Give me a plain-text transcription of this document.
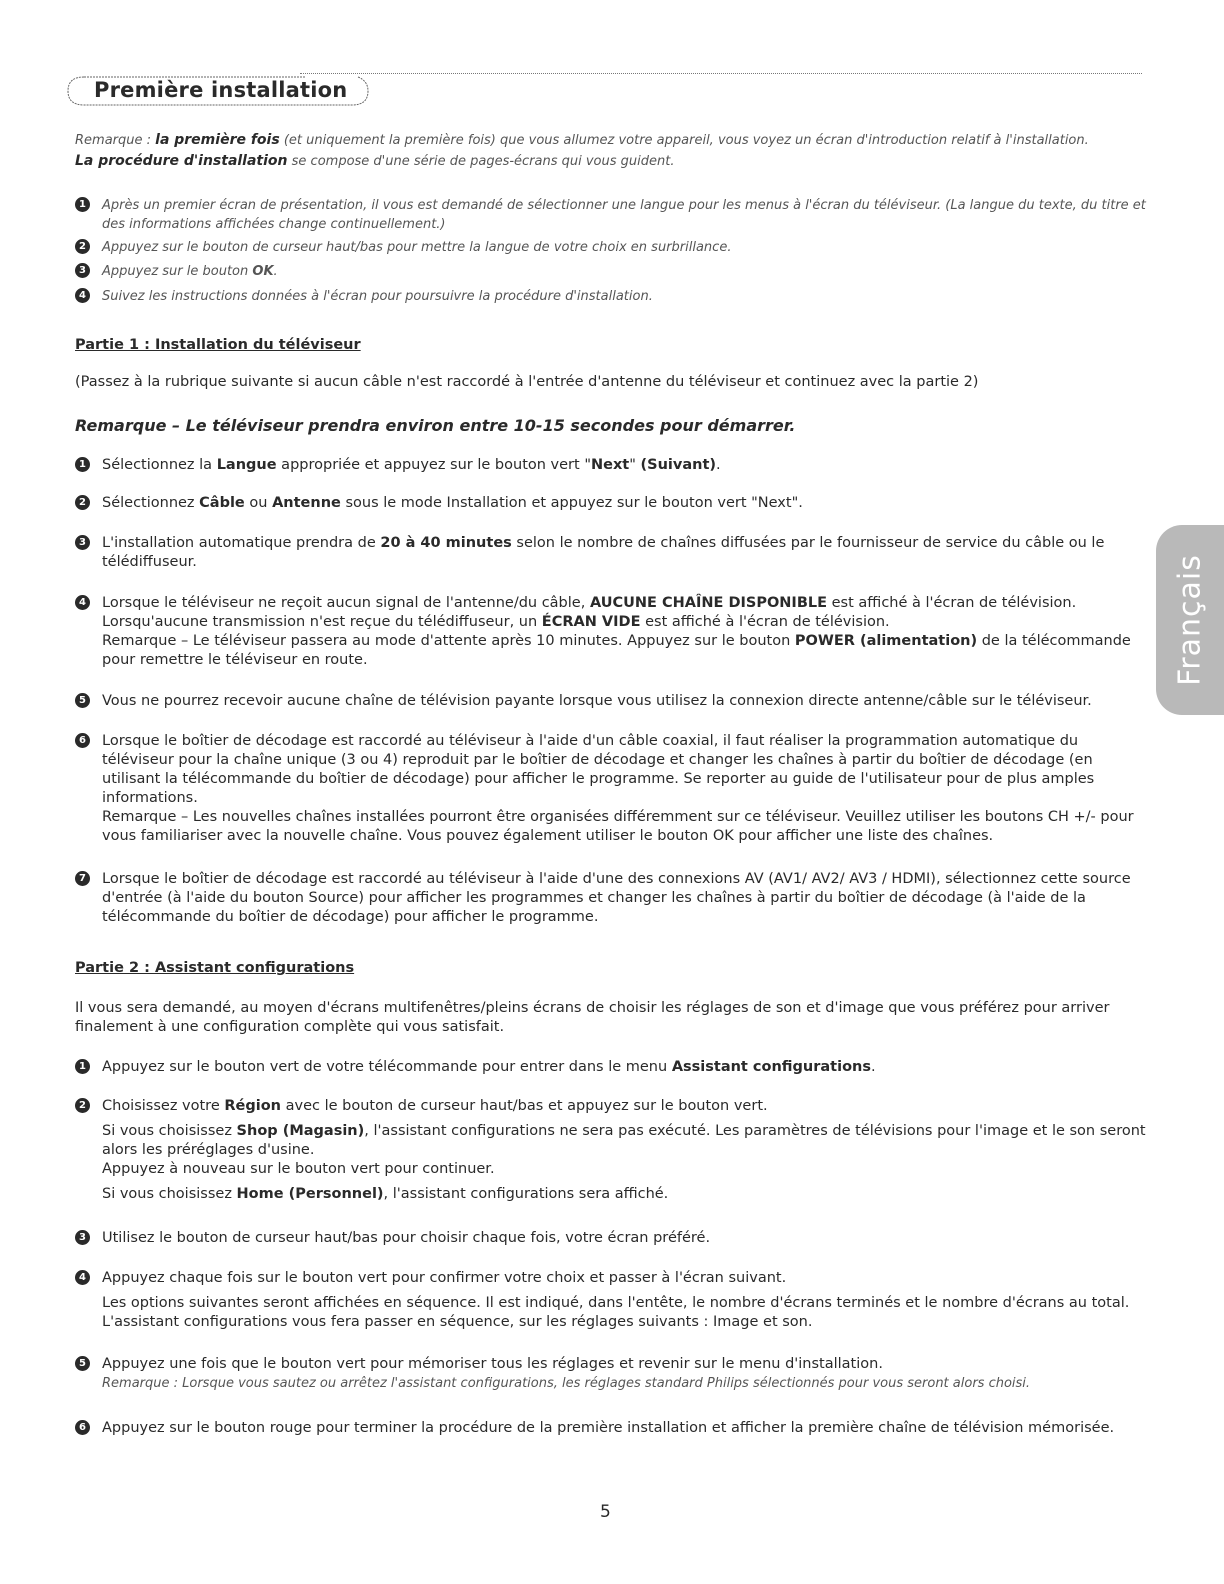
Première installation
Remarque : la première fois (et uniquement la première fois) que vous allumez votre appareil, vous voyez un écran d'introduction relatif à l'installation.
La procédure d'installation se compose d'une série de pages-écrans qui vous guident.
1	Après un premier écran de présentation, il vous est demandé de sélectionner une langue pour les menus à l'écran du téléviseur. (La langue du texte, du titre et des informations affichées change continuellement.)
2	Appuyez sur le bouton de curseur haut/bas pour mettre la langue de votre choix en surbrillance.
3	Appuyez sur le bouton OK.
4	Suivez les instructions données à l'écran pour poursuivre la procédure d'installation.
Partie 1 : Installation du téléviseur
(Passez à la rubrique suivante si aucun câble n'est raccordé à l'entrée d'antenne du téléviseur et continuez avec la partie 2)
Remarque – Le téléviseur prendra environ entre 10-15 secondes pour démarrer.
1 Sélectionnez la Langue appropriée et appuyez sur le bouton vert "Next" (Suivant).
2 Sélectionnez Câble ou Antenne sous le mode Installation et appuyez sur le bouton vert "Next".
3 L'installation automatique prendra de 20 à 40 minutes selon le nombre de chaînes diffusées par le fournisseur de service du câble ou le télédiffuseur.
4 Lorsque le téléviseur ne reçoit aucun signal de l'antenne/du câble, AUCUNE CHAÎNE DISPONIBLE est affiché à l'écran de télévision. Lorsqu'aucune transmission n'est reçue du télédiffuseur, un ÉCRAN VIDE est affiché à l'écran de télévision.
Remarque – Le téléviseur passera au mode d'attente après 10 minutes. Appuyez sur le bouton POWER (alimentation) de la télécommande pour remettre le téléviseur en route.
5 Vous ne pourrez recevoir aucune chaîne de télévision payante lorsque vous utilisez la connexion directe antenne/câble sur le téléviseur.
6 Lorsque le boîtier de décodage est raccordé au téléviseur à l'aide d'un câble coaxial, il faut réaliser la programmation automatique du téléviseur pour la chaîne unique (3 ou 4) reproduit par le boîtier de décodage et changer les chaînes à partir du boîtier de décodage (en utilisant la télécommande du boîtier de décodage) pour afficher le programme. Se reporter au guide de l'utilisateur pour de plus amples informations.
Remarque – Les nouvelles chaînes installées pourront être organisées différemment sur ce téléviseur. Veuillez utiliser les boutons CH +/- pour vous familiariser avec la nouvelle chaîne. Vous pouvez également utiliser le bouton OK pour afficher une liste des chaînes.
7 Lorsque le boîtier de décodage est raccordé au téléviseur à l'aide d'une des connexions AV (AV1/ AV2/ AV3 / HDMI), sélectionnez cette source d'entrée (à l'aide du bouton Source) pour afficher les programmes et changer les chaînes à partir du boîtier de décodage (à l'aide de la télécommande du boîtier de décodage) pour afficher le programme.
Partie 2 : Assistant configurations
Il vous sera demandé, au moyen d'écrans multifenêtres/pleins écrans de choisir les réglages de son et d'image que vous préférez pour arriver finalement à une configuration complète qui vous satisfait.
1 Appuyez sur le bouton vert de votre télécommande pour entrer dans le menu Assistant configurations.
2 Choisissez votre Région avec le bouton de curseur haut/bas et appuyez sur le bouton vert.
Si vous choisissez Shop (Magasin), l'assistant configurations ne sera pas exécuté. Les paramètres de télévisions pour l'image et le son seront alors les préréglages d'usine.
Appuyez à nouveau sur le bouton vert pour continuer.
Si vous choisissez Home (Personnel), l'assistant configurations sera affiché.
3 Utilisez le bouton de curseur haut/bas pour choisir chaque fois, votre écran préféré.
4 Appuyez chaque fois sur le bouton vert pour confirmer votre choix et passer à l'écran suivant.
Les options suivantes seront affichées en séquence. Il est indiqué, dans l'entête, le nombre d'écrans terminés et le nombre d'écrans au total. L'assistant configurations vous fera passer en séquence, sur les réglages suivants : Image et son.
5 Appuyez une fois que le bouton vert pour mémoriser tous les réglages et revenir sur le menu d'installation.
Remarque : Lorsque vous sautez ou arrêtez l'assistant configurations, les réglages standard Philips sélectionnés pour vous seront alors choisi.
6 Appuyez sur le bouton rouge pour terminer la procédure de la première installation et afficher la première chaîne de télévision mémorisée.
Français
5
